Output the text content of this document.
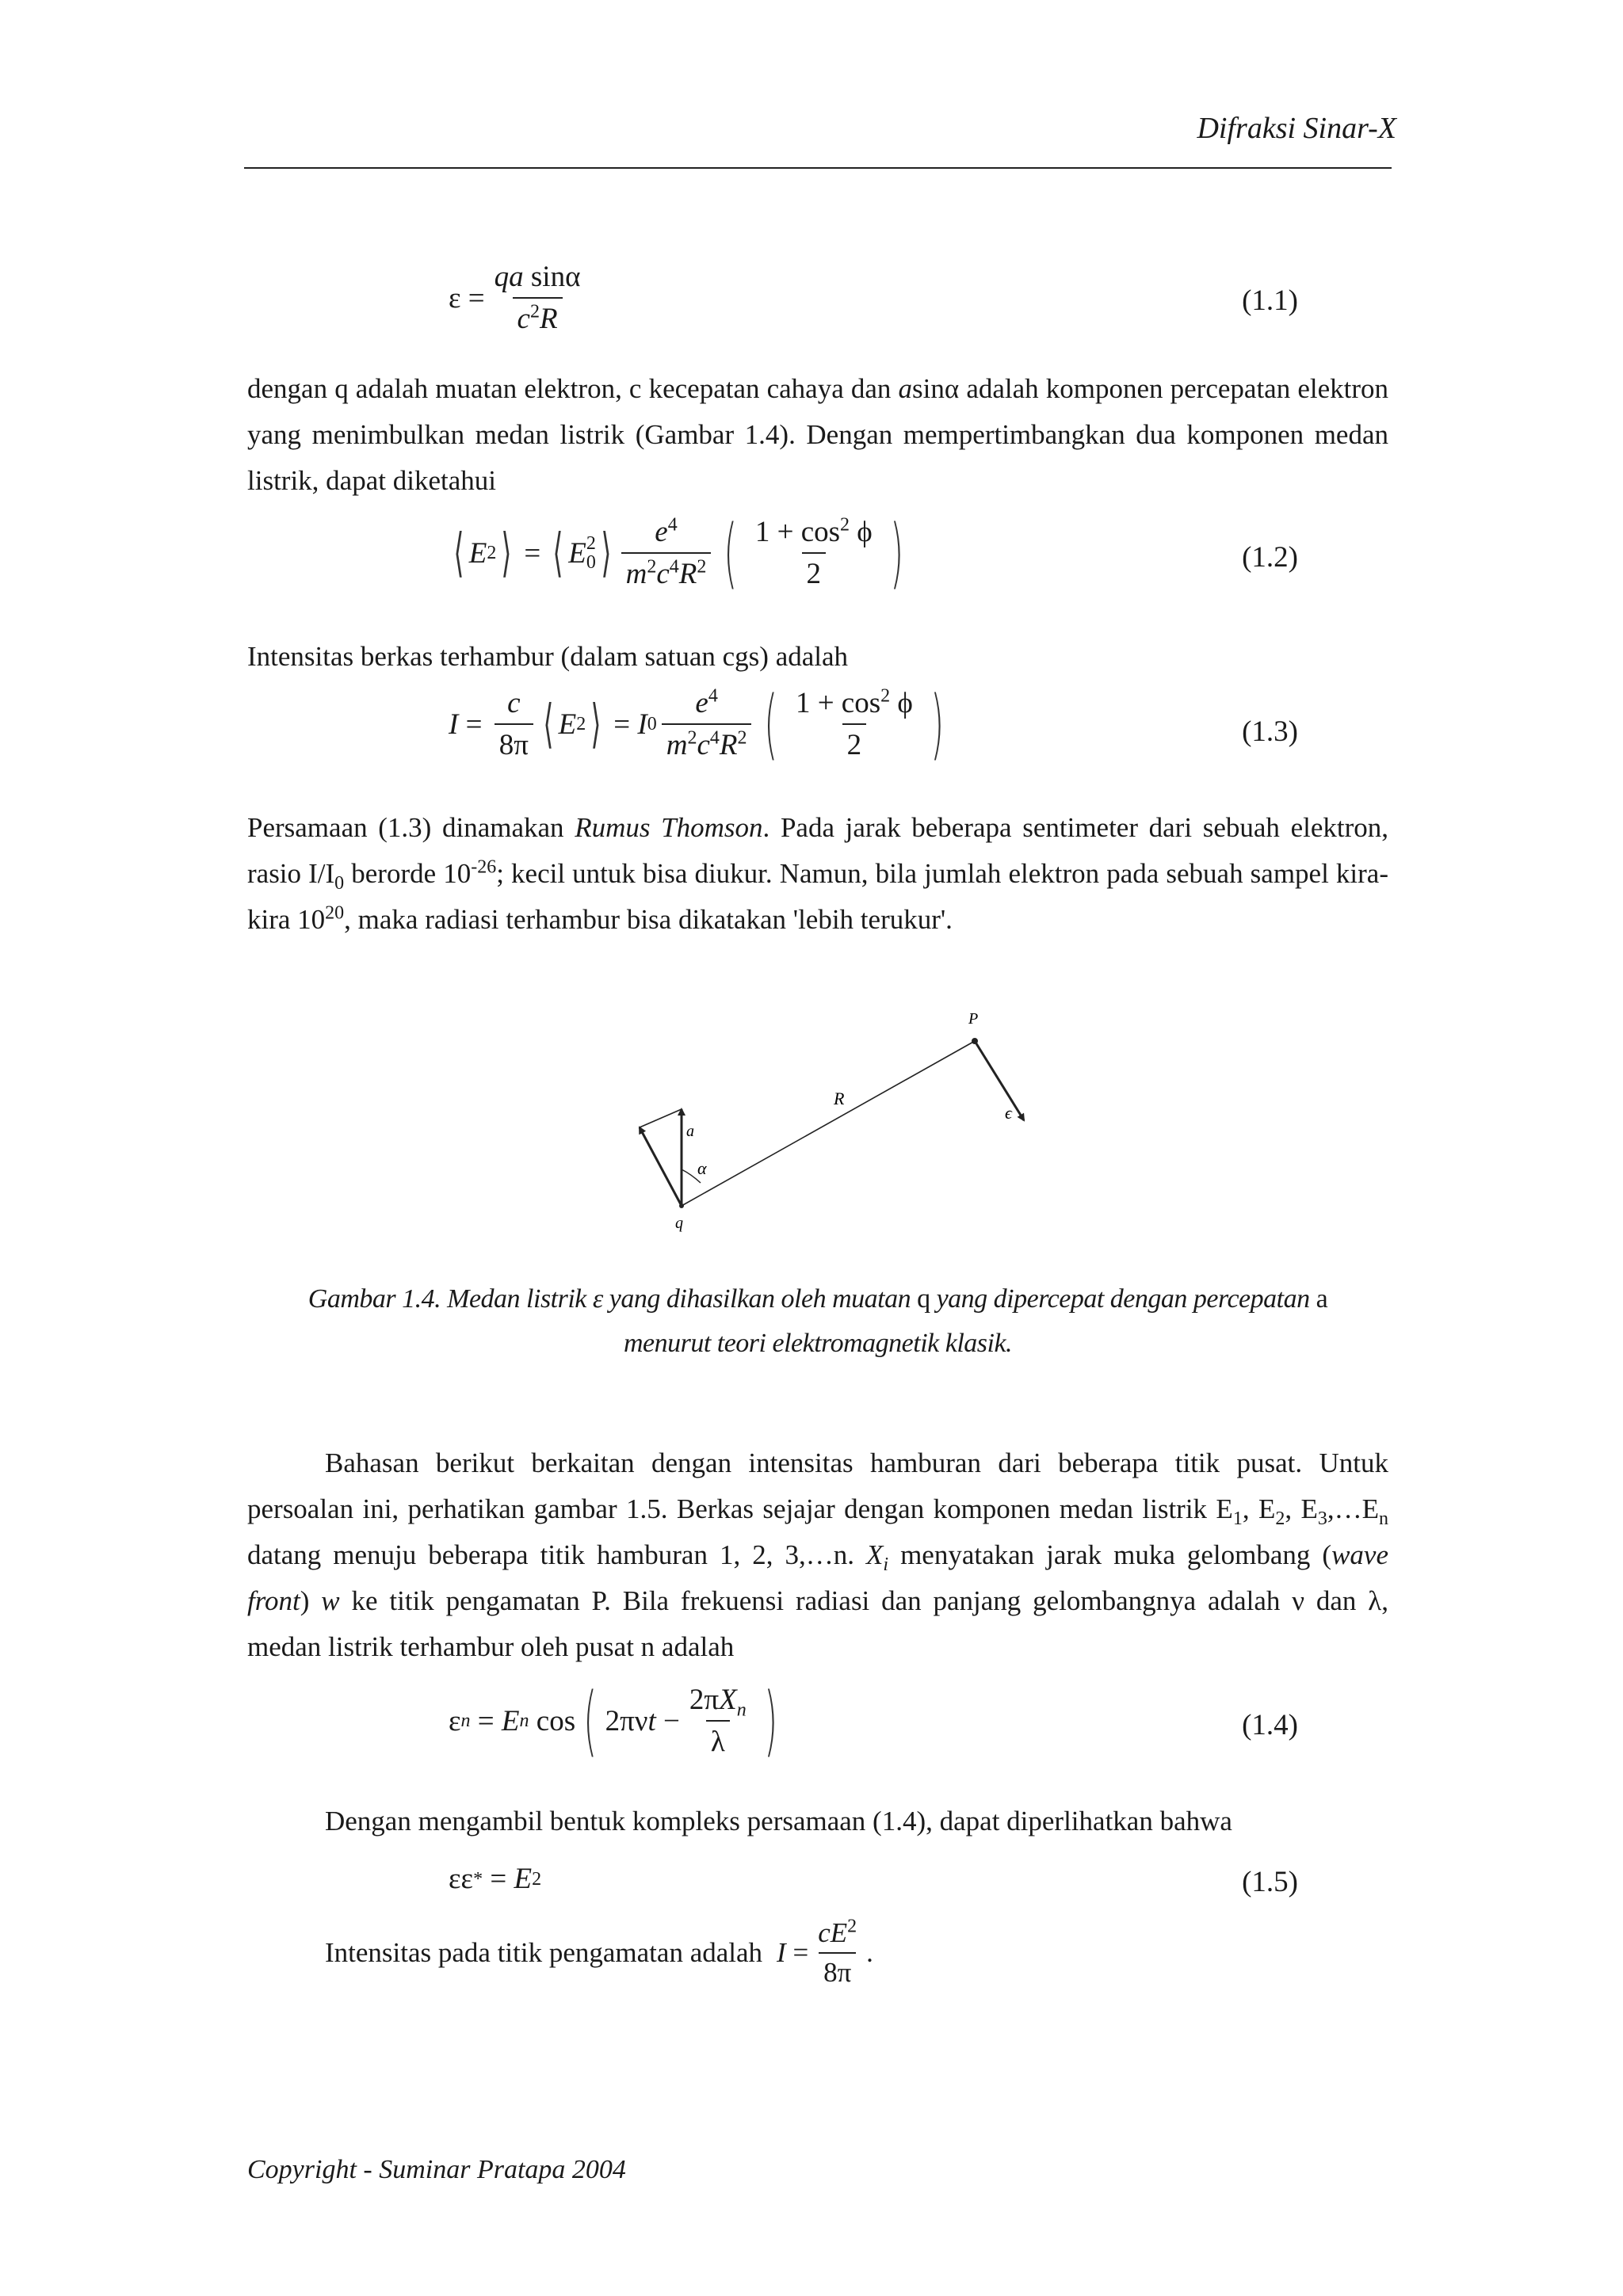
Difraksi Sinar-X
$\varepsilon = \frac{\text{qa sinα}}{c^2R}$	(1.1)
dengan q adalah muatan elektron, c kecepatan cahaya dan asinα adalah komponen percepatan elektron yang menimbulkan medan listrik (Gambar 1.4). Dengan mempertimbangkan dua komponen medan listrik, dapat diketahui
⟨ E 2 ⟩ = ⟨ E 2
0 ⟩ $\frac{e^4}{m^2c^4R^2}$ ( $\frac{1 + \cos^2 \phi}{2}$ )	(1.2)
Intensitas berkas terhambur (dalam satuan cgs) adalah
$I = \frac{c}{8\pi}$ ⟨ E 2 ⟩ = I $0 \frac{e^4}{m^2c^4R^2}$ ( $\frac{1 + \cos^2 \phi}{2}$ )	(1.3)
Persamaan (1.3) dinamakan Rumus Thomson. Pada jarak beberapa sentimeter dari sebuah elektron, rasio $I/I_0$ berorde $10^{-26}$; kecil untuk bisa diukur. Namun, bila jumlah elektron pada sebuah sampel kira-kira $10^{20}$, maka radiasi terhambur bisa dikatakan 'lebih terukur'.
P
R
ϵ
a
α
q
Gambar 1.4. Medan listrik ε yang dihasilkan oleh muatan q yang dipercepat dengan percepatan a
menurut teori elektromagnetik klasik.
Bahasan berikut berkaitan dengan intensitas hamburan dari beberapa titik pusat. Untuk persoalan ini, perhatikan gambar 1.5. Berkas sejajar dengan komponen medan listrik $E_1$, $E_2$, $E_3,\dots E_n$ datang menuju beberapa titik hamburan 1, 2, 3,…n. $X_i$ menyatakan jarak muka gelombang (wave front) w ke titik pengamatan P. Bila frekuensi radiasi dan panjang gelombangnya adalah ν dan λ, medan listrik terhambur oleh pusat n adalah
ε n = E n cos ( $2\pi\nu t - \frac{2\pi X_n}{\lambda}$ )	(1.4)
Dengan mengambil bentuk kompleks persamaan (1.4), dapat diperlihatkan bahwa
εε * = E 2	(1.5)
Intensitas pada titik pengamatan adalah $I = \frac{cE^2}{8\pi}$ .
Copyright - Suminar Pratapa 2004
